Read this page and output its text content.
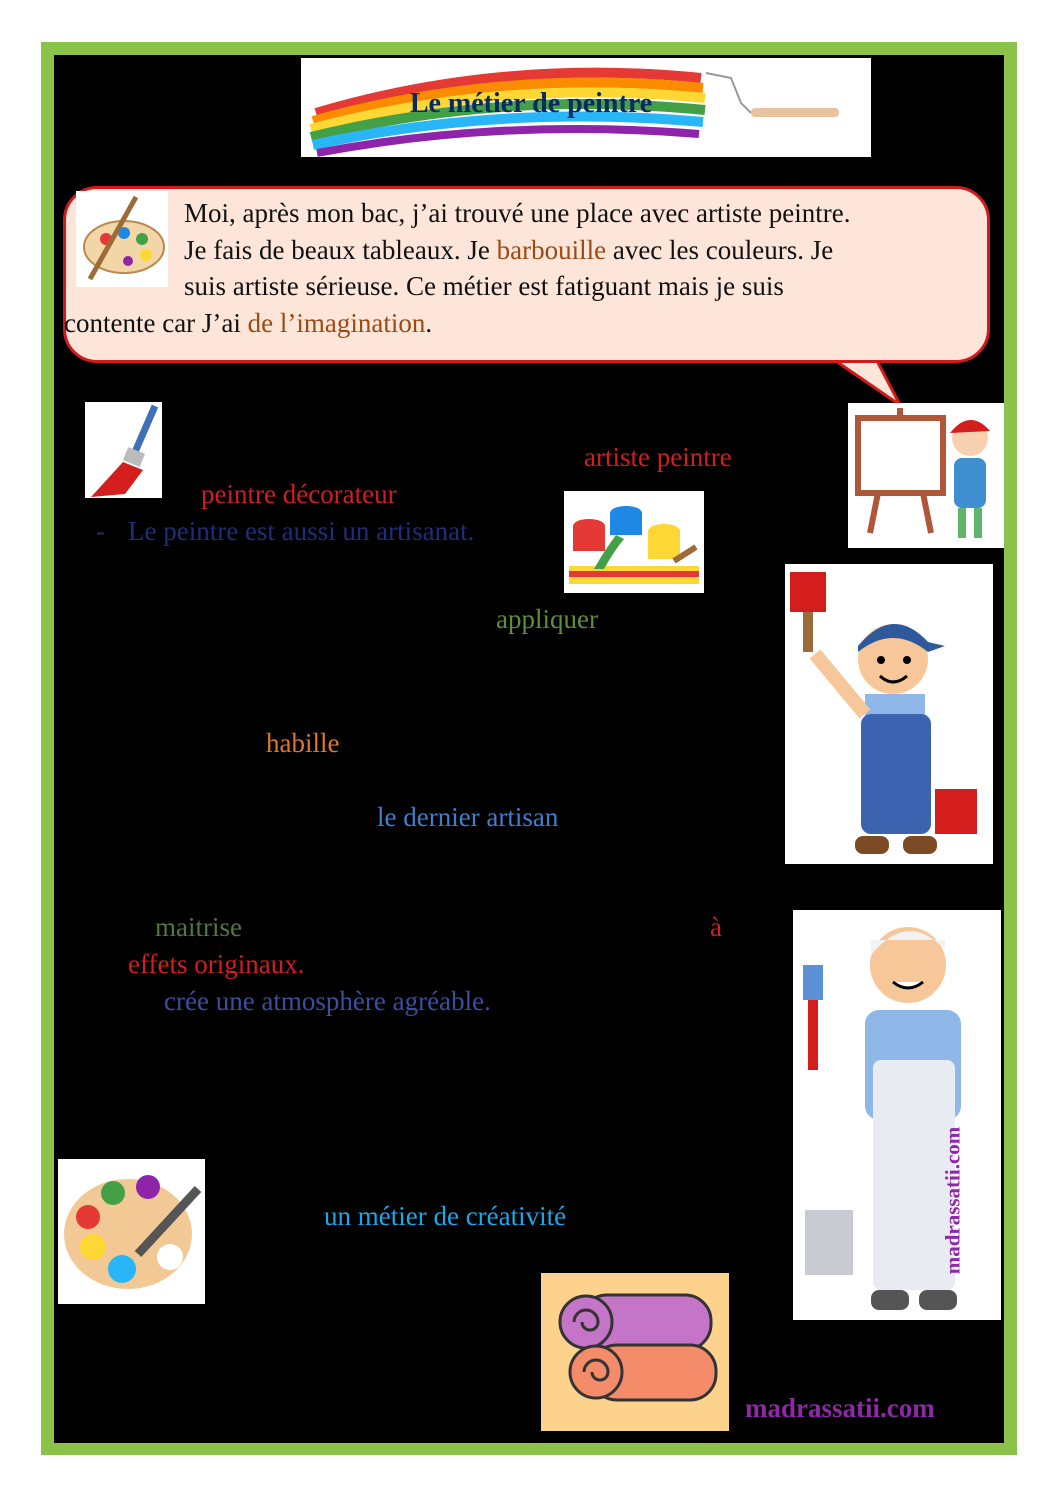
Le métier de peintre
Moi, après mon bac, j’ai trouvé une place avec artiste peintre.
Je fais de beaux tableaux. Je barbouille avec les couleurs. Je
suis artiste sérieuse. Ce métier est fatiguant mais je suis
contente car J’ai de l’imagination.
madrassatii.com
artiste peintre
peintre décorateur
- Le peintre est aussi un artisanat.
appliquer
habille
le dernier artisan
maitrise	à
effets originaux.
crée une atmosphère agréable.
un métier de créativité
madrassatii.com
